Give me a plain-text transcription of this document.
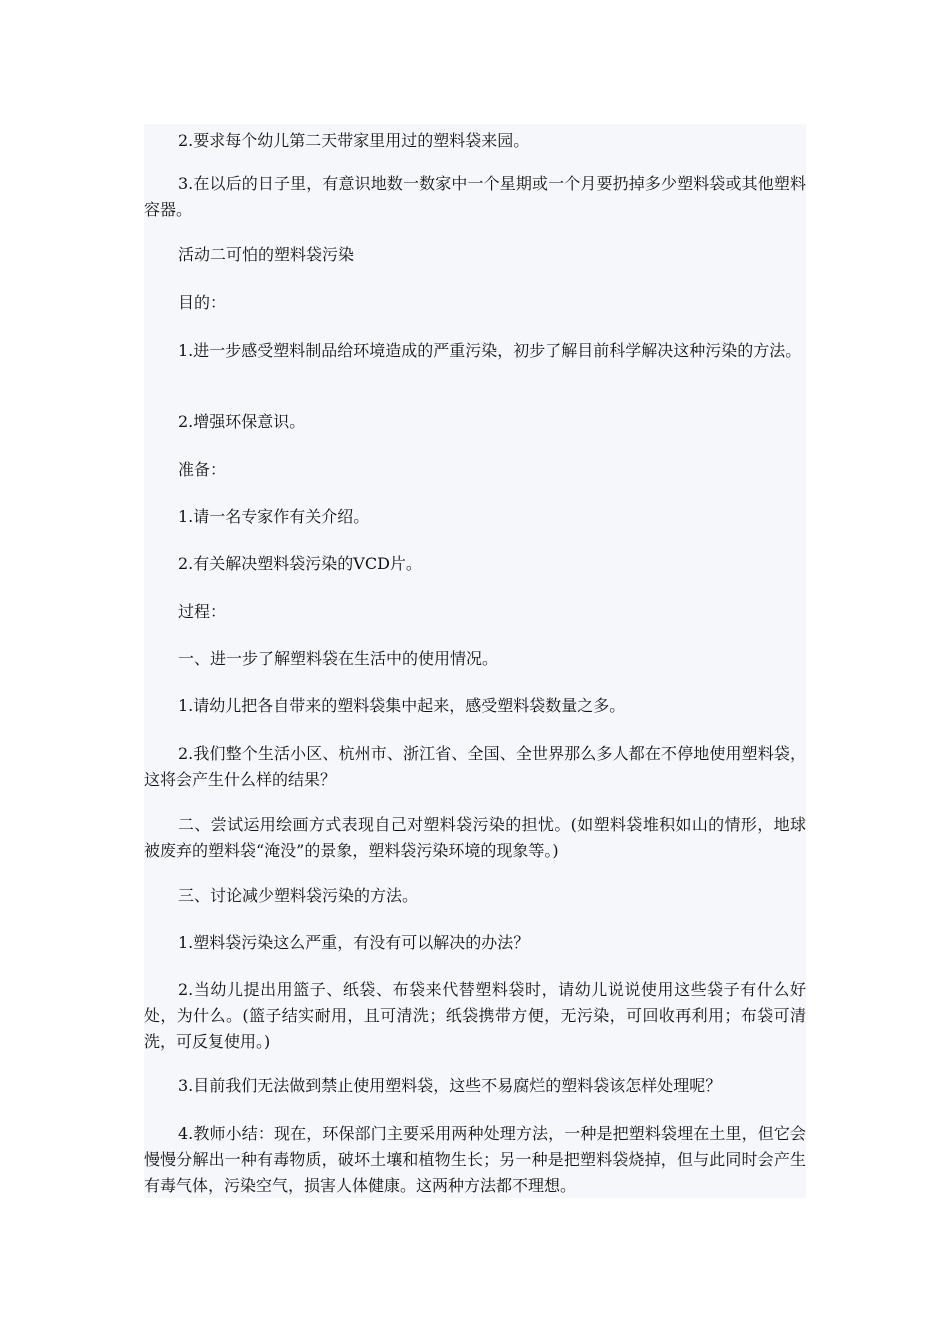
2.要求每个幼儿第二天带家里用过的塑料袋来园。

3.在以后的日子里，有意识地数一数家中一个星期或一个月要扔掉多少塑料袋或其他塑料容器。

活动二可怕的塑料袋污染

目的：

1.进一步感受塑料制品给环境造成的严重污染，初步了解目前科学解决这种污染的方法。

2.增强环保意识。

准备：

1.请一名专家作有关介绍。

2.有关解决塑料袋污染的VCD片。

过程：

一、进一步了解塑料袋在生活中的使用情况。

1.请幼儿把各自带来的塑料袋集中起来，感受塑料袋数量之多。

2.我们整个生活小区、杭州市、浙江省、全国、全世界那么多人都在不停地使用塑料袋，这将会产生什么样的结果？

二、尝试运用绘画方式表现自己对塑料袋污染的担忧。(如塑料袋堆积如山的情形，地球被废弃的塑料袋“淹没”的景象，塑料袋污染环境的现象等。)

三、讨论减少塑料袋污染的方法。

1.塑料袋污染这么严重，有没有可以解决的办法？

2.当幼儿提出用篮子、纸袋、布袋来代替塑料袋时，请幼儿说说使用这些袋子有什么好处，为什么。(篮子结实耐用，且可清洗；纸袋携带方便，无污染，可回收再利用；布袋可清洗，可反复使用。)

3.目前我们无法做到禁止使用塑料袋，这些不易腐烂的塑料袋该怎样处理呢？

4.教师小结：现在，环保部门主要采用两种处理方法，一种是把塑料袋埋在土里，但它会慢慢分解出一种有毒物质，破坏土壤和植物生长；另一种是把塑料袋烧掉，但与此同时会产生有毒气体，污染空气，损害人体健康。这两种方法都不理想。
